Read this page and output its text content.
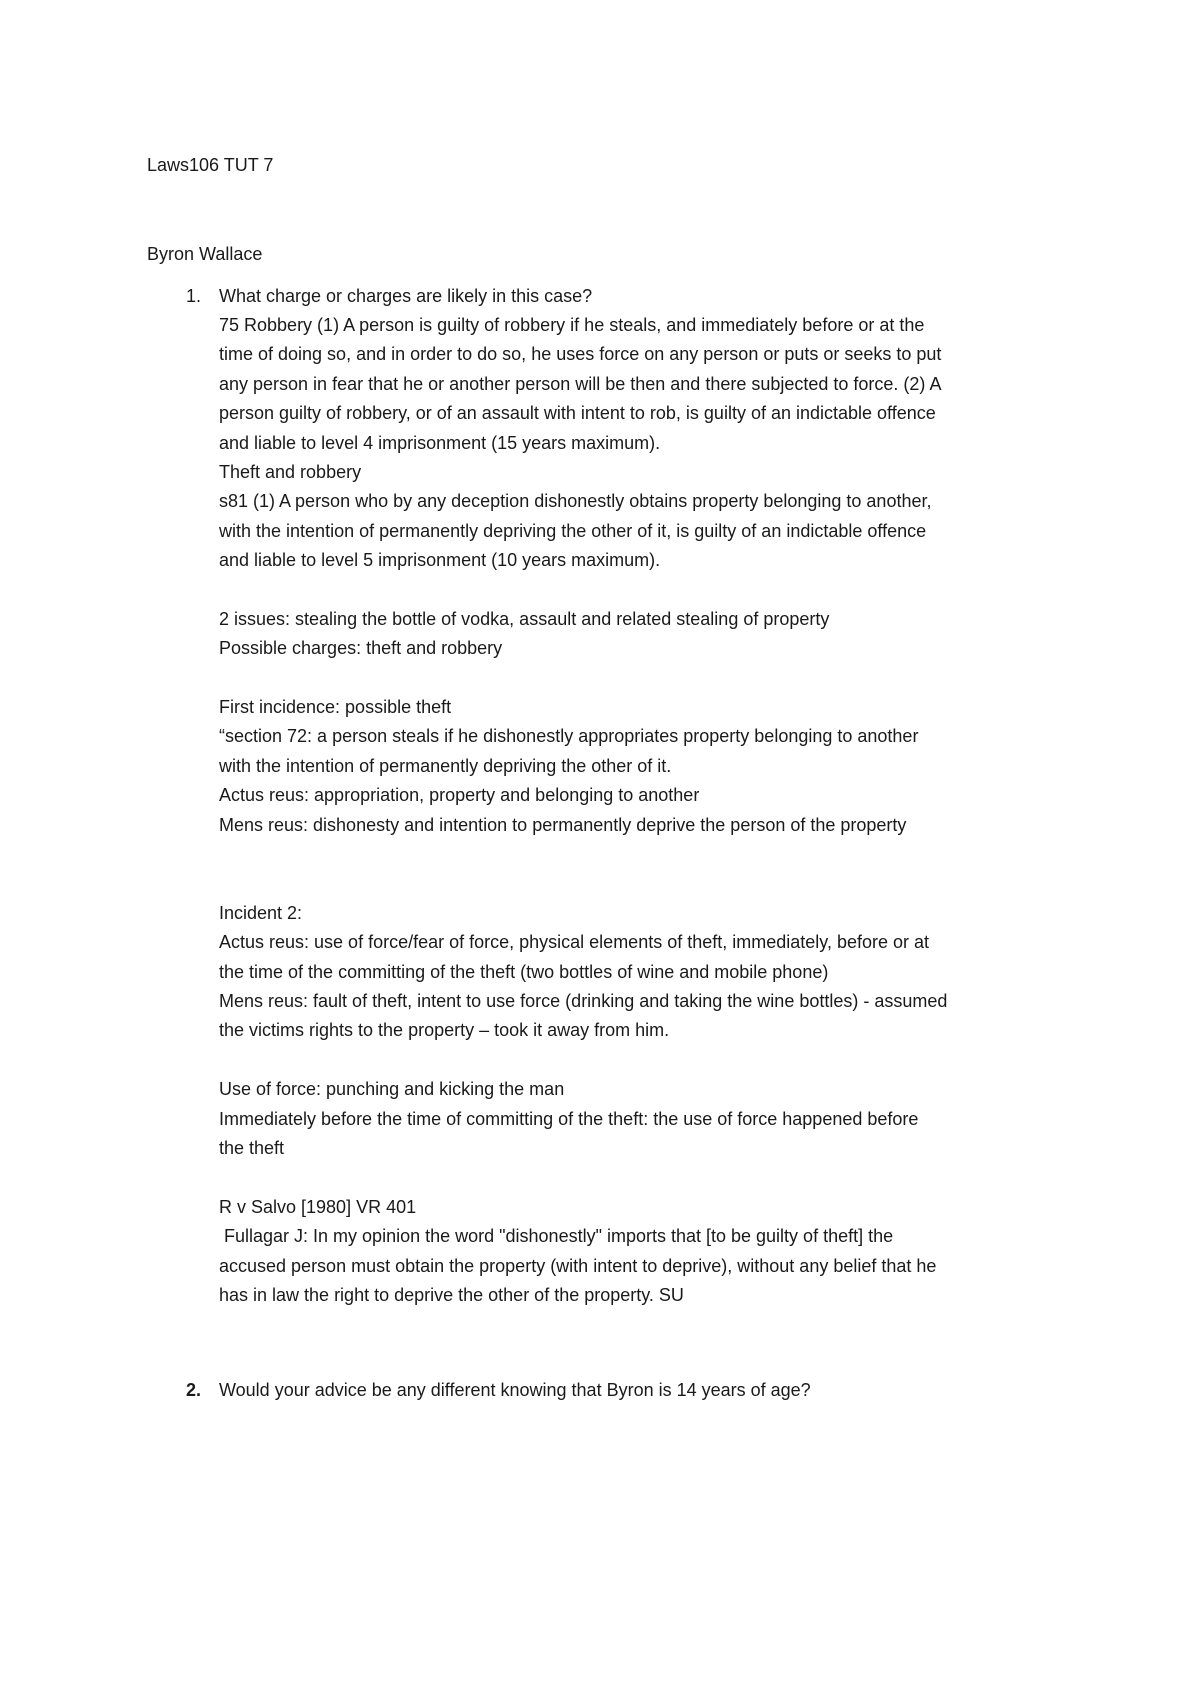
Laws106 TUT 7
Byron Wallace
1. What charge or charges are likely in this case?
75 Robbery (1) A person is guilty of robbery if he steals, and immediately before or at the
time of doing so, and in order to do so, he uses force on any person or puts or seeks to put
any person in fear that he or another person will be then and there subjected to force. (2) A
person guilty of robbery, or of an assault with intent to rob, is guilty of an indictable offence
and liable to level 4 imprisonment (15 years maximum).
Theft and robbery
s81 (1) A person who by any deception dishonestly obtains property belonging to another,
with the intention of permanently depriving the other of it, is guilty of an indictable offence
and liable to level 5 imprisonment (10 years maximum).
2 issues: stealing the bottle of vodka, assault and related stealing of property
Possible charges: theft and robbery
First incidence: possible theft
“section 72: a person steals if he dishonestly appropriates property belonging to another
with the intention of permanently depriving the other of it.
Actus reus: appropriation, property and belonging to another
Mens reus: dishonesty and intention to permanently deprive the person of the property
Incident 2:
Actus reus: use of force/fear of force, physical elements of theft, immediately, before or at
the time of the committing of the theft (two bottles of wine and mobile phone)
Mens reus: fault of theft, intent to use force (drinking and taking the wine bottles) - assumed
the victims rights to the property – took it away from him.
Use of force: punching and kicking the man
Immediately before the time of committing of the theft: the use of force happened before
the theft
R v Salvo [1980] VR 401
Fullagar J: In my opinion the word "dishonestly" imports that [to be guilty of theft] the
accused person must obtain the property (with intent to deprive), without any belief that he
has in law the right to deprive the other of the property. SU
2. Would your advice be any different knowing that Byron is 14 years of age?
